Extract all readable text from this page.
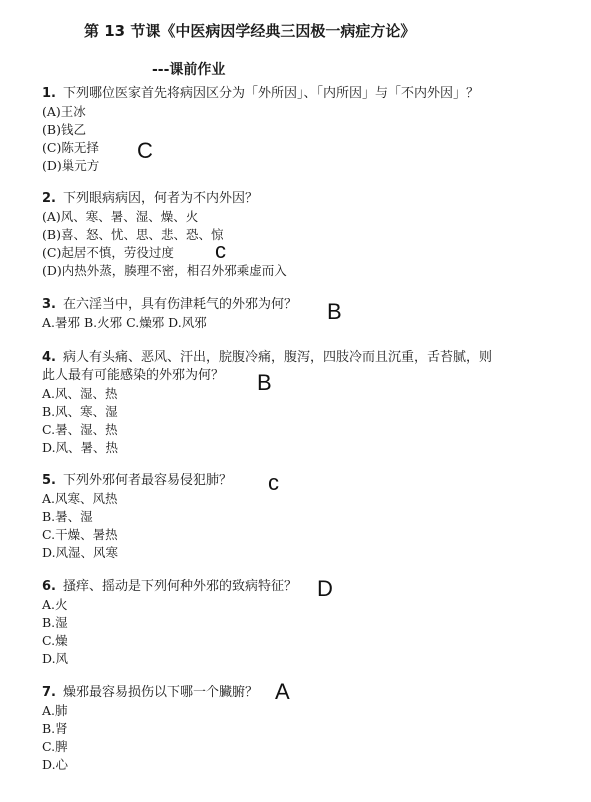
第 13 节课《中医病因学经典三因极一病症方论》
---课前作业

1. 下列哪位医家首先将病因区分为「外所因」、「内所因」与「不内外因」？

(A)王冰

(B)钱乙

(C)陈无择

(D)巢元方

C

2. 下列眼病病因，何者为不内外因？

(A)风、寒、暑、湿、燥、火

(B)喜、怒、忧、思、悲、恐、惊

(C)起居不慎，劳役过度

(D)内热外蒸，腠理不密，相召外邪乘虚而入

c

3. 在六淫当中，具有伤津耗气的外邪为何？

A.暑邪 B.火邪 C.燥邪 D.风邪	B

4. 病人有头痛、恶风、汗出，脘腹冷痛，腹泻，四肢冷而且沉重，舌苔腻，则

此人最有可能感染的外邪为何？

A.风、湿、热

B.风、寒、湿

C.暑、湿、热

D.风、暑、热

B

5. 下列外邪何者最容易侵犯肺？

A.风寒、风热

B.暑、湿

C.干燥、暑热

D.风湿、风寒

c

6. 搔痒、摇动是下列何种外邪的致病特征？

A.火

B.湿

C.燥

D.风

D

7. 燥邪最容易损伤以下哪一个臟腑？

A.肺

B.肾

C.脾

D.心

A
